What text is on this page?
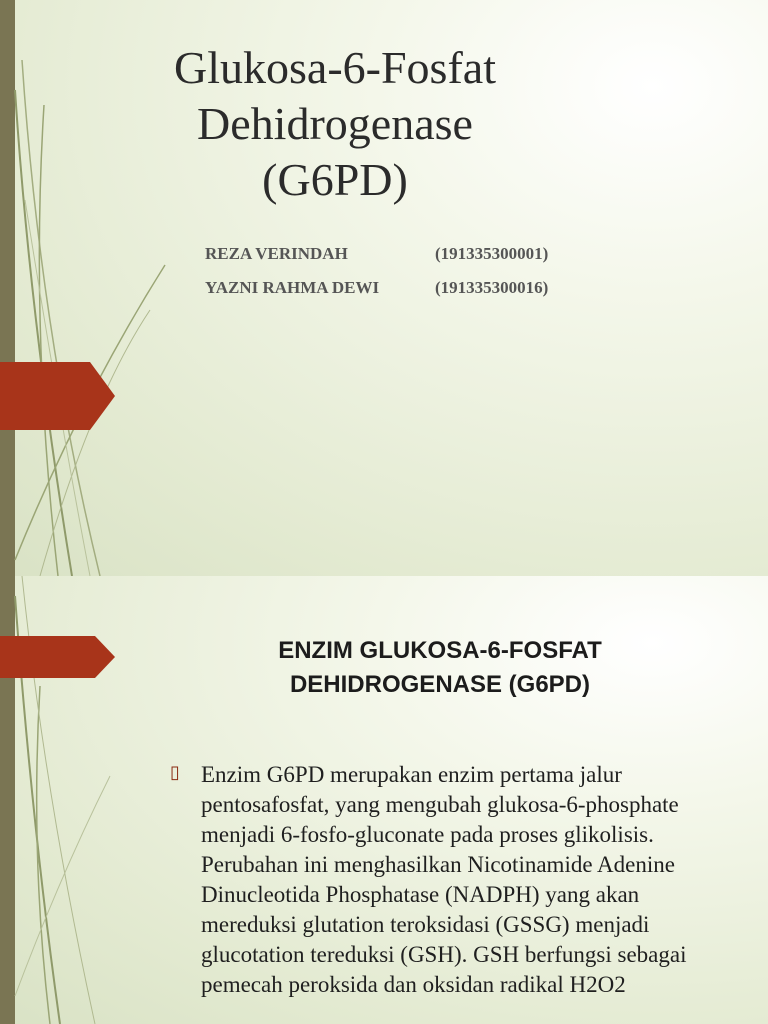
Glukosa-6-Fosfat
Dehidrogenase
(G6PD)
REZA VERINDAH	(191335300001)
YAZNI RAHMA DEWI	(191335300016)
ENZIM GLUKOSA-6-FOSFAT
DEHIDROGENASE (G6PD)
▯ Enzim G6PD merupakan enzim pertama jalur pentosafosfat, yang mengubah glukosa-6-phosphate menjadi 6-fosfo-gluconate pada proses glikolisis. Perubahan ini menghasilkan Nicotinamide Adenine Dinucleotida Phosphatase (NADPH) yang akan mereduksi glutation teroksidasi (GSSG) menjadi glucotation tereduksi (GSH). GSH berfungsi sebagai pemecah peroksida dan oksidan radikal H2O2
